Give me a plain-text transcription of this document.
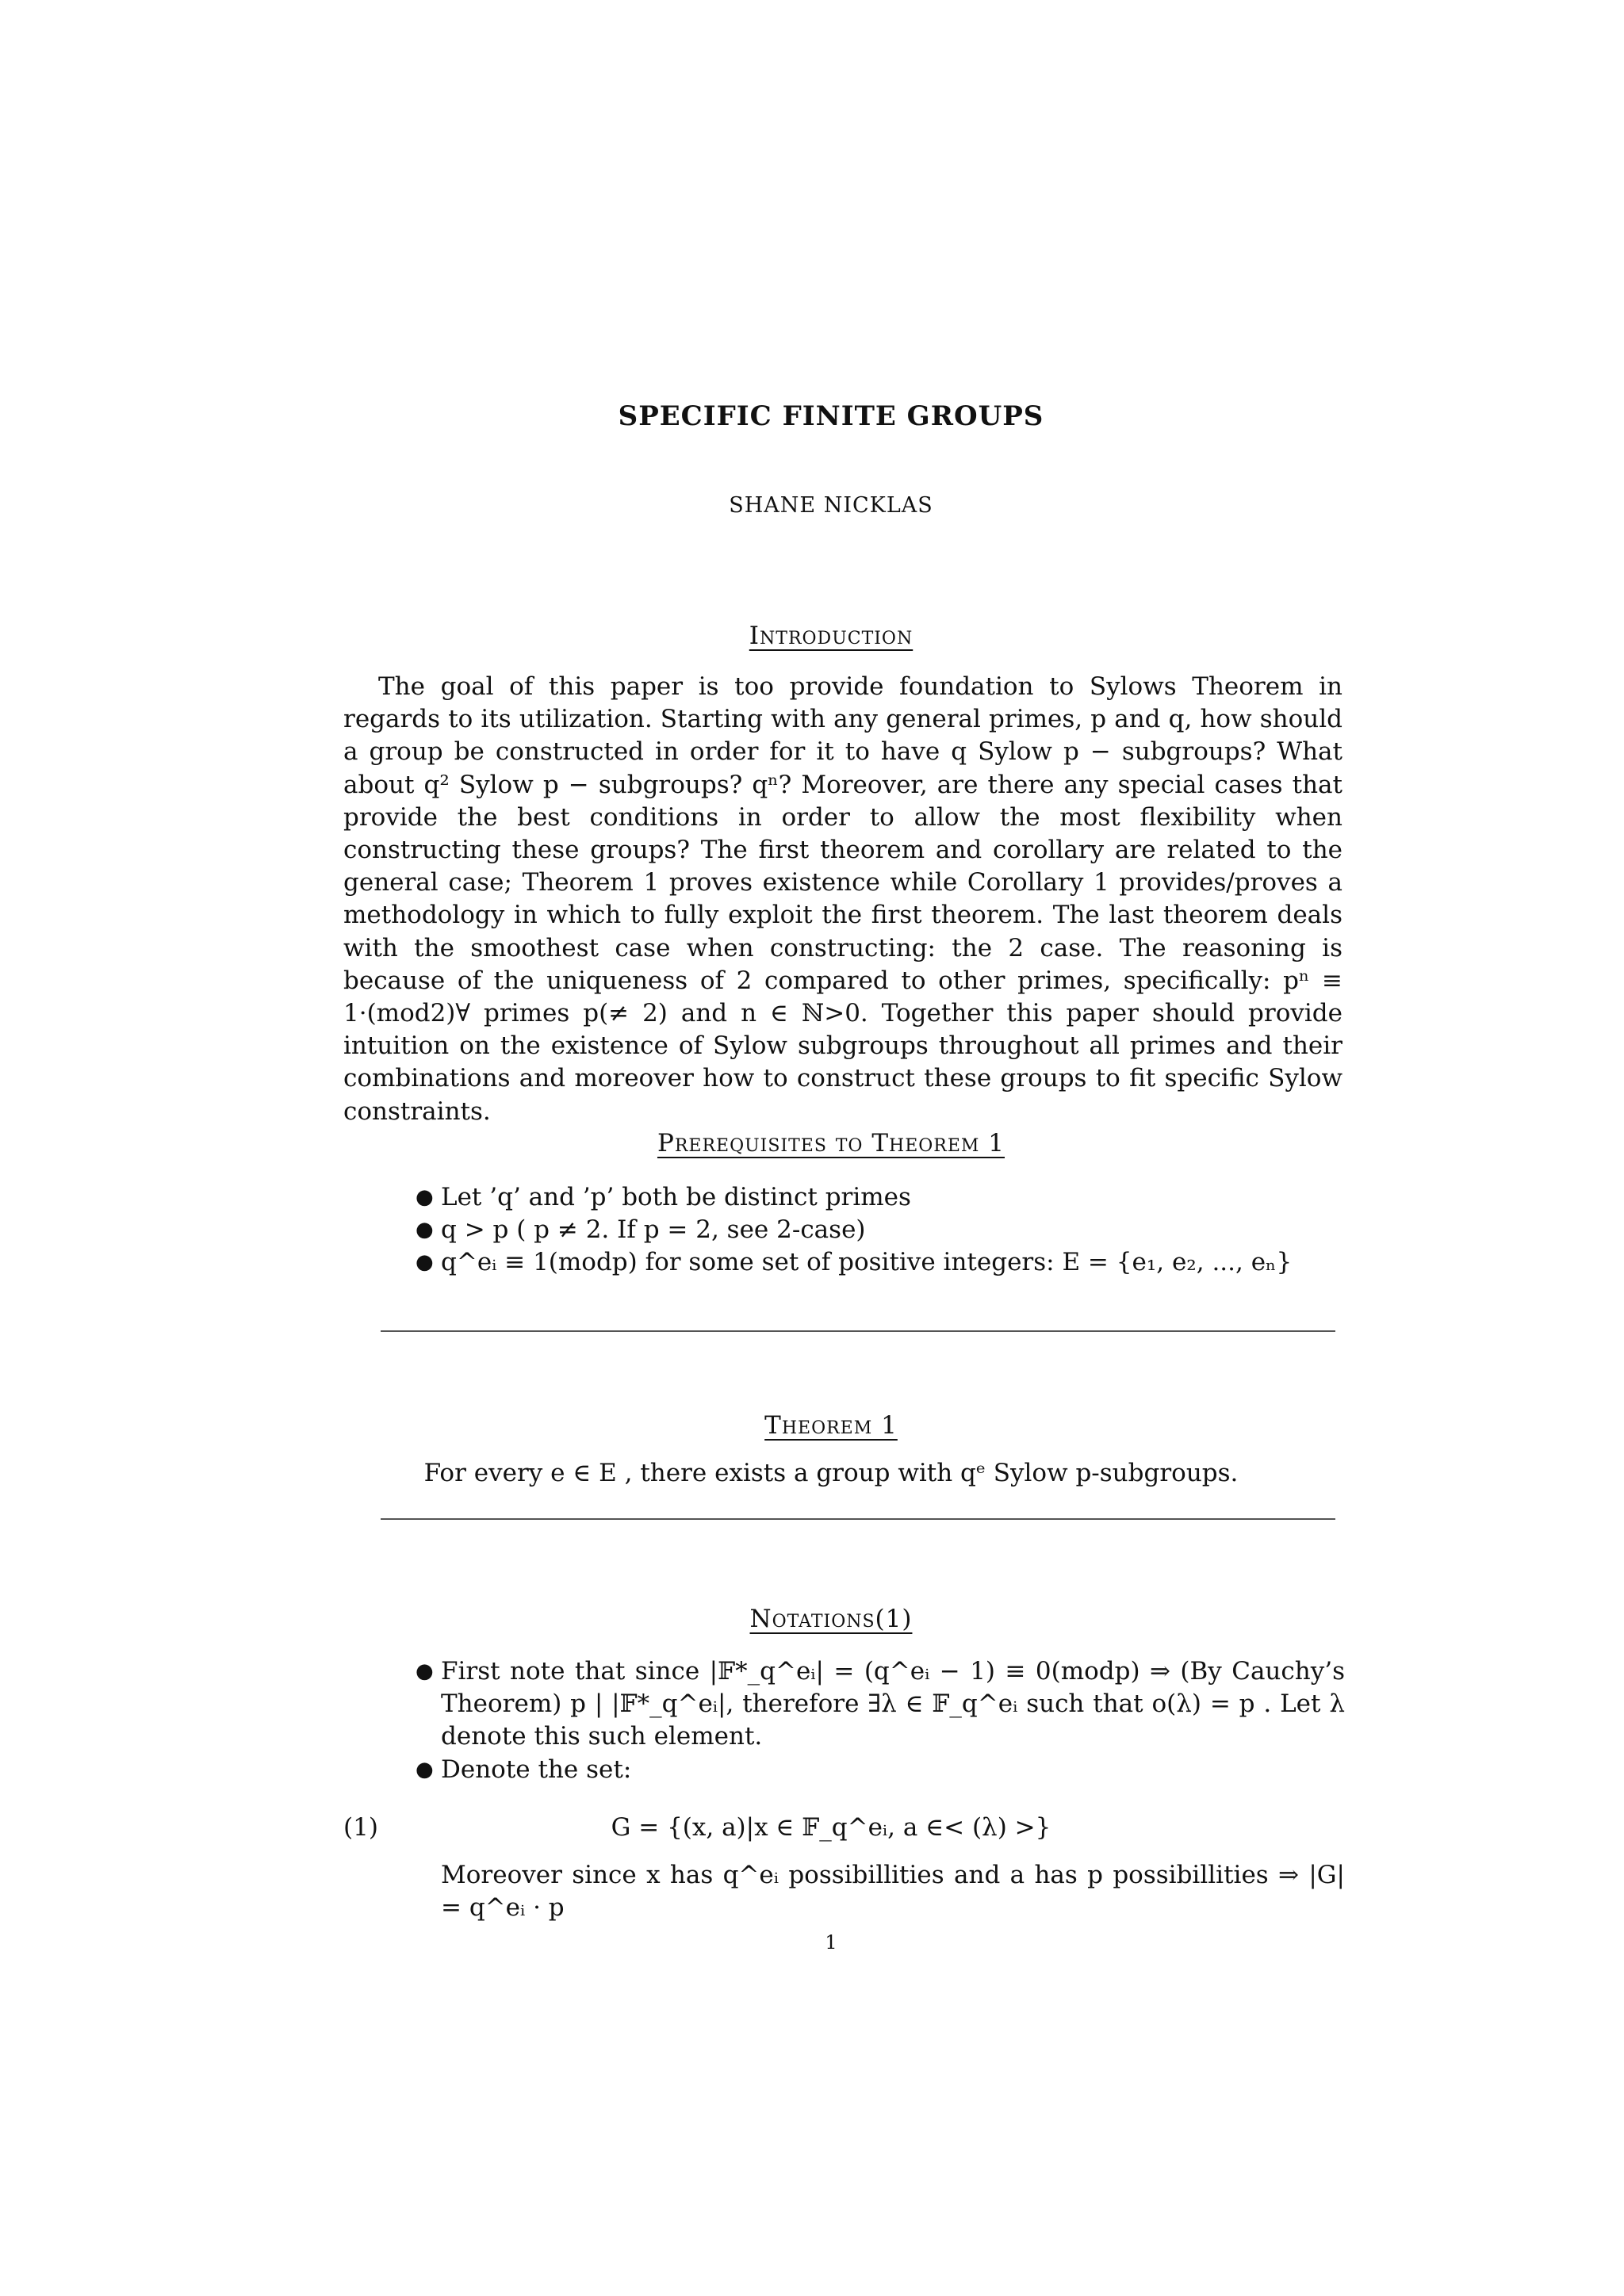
SPECIFIC FINITE GROUPS
SHANE NICKLAS
Introduction
The goal of this paper is too provide foundation to Sylows Theorem in regards to its utilization. Starting with any general primes, p and q, how should a group be constructed in order for it to have q Sylow p − subgroups? What about q² Sylow p − subgroups? qⁿ? Moreover, are there any special cases that provide the best conditions in order to allow the most flexibility when constructing these groups? The first theorem and corollary are related to the general case; Theorem 1 proves existence while Corollary 1 provides/proves a methodology in which to fully exploit the first theorem. The last theorem deals with the smoothest case when constructing: the 2 case. The reasoning is because of the uniqueness of 2 compared to other primes, specifically: pⁿ ≡ 1·(mod2)∀ primes p(≠ 2) and n ∈ ℕ>0. Together this paper should provide intuition on the existence of Sylow subgroups throughout all primes and their combinations and moreover how to construct these groups to fit specific Sylow constraints.
Prerequisites to Theorem 1
● Let ’q’ and ’p’ both be distinct primes
● q > p ( p ≠ 2. If p = 2, see 2-case)
● q^eᵢ ≡ 1(modp) for some set of positive integers: E = {e₁, e₂, ..., eₙ}
Theorem 1
For every e ∈ E , there exists a group with qᵉ Sylow p-subgroups.
Notations(1)
● First note that since |𝔽*_q^eᵢ| = (q^eᵢ − 1) ≡ 0(modp) ⇒ (By Cauchy’s Theorem) p | |𝔽*_q^eᵢ|, therefore ∃λ ∈ 𝔽_q^eᵢ such that o(λ) = p . Let λ denote this such element.
● Denote the set:
(1)	G = {(x, a)|x ∈ 𝔽_q^eᵢ, a ∈< (λ) >}
Moreover since x has q^eᵢ possibillities and a has p possibillities ⇒ |G| = q^eᵢ · p
1
